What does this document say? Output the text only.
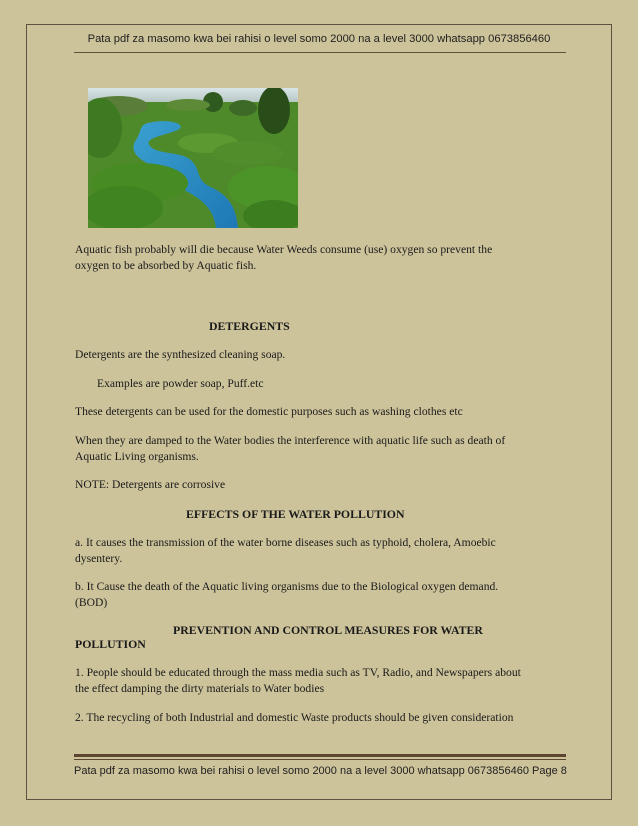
Pata pdf za masomo kwa bei rahisi o level somo 2000 na a level 3000 whatsapp 0673856460
Aquatic fish probably will die because Water Weeds consume (use) oxygen so prevent the
oxygen to be absorbed by Aquatic fish.
DETERGENTS
Detergents are the synthesized cleaning soap.
Examples are powder soap, Puff.etc
These detergents can be used for the domestic purposes such as washing clothes etc
When they are damped to the Water bodies the interference with aquatic life such as death of
Aquatic Living organisms.
NOTE: Detergents are corrosive
EFFECTS OF THE WATER POLLUTION
a. It causes the transmission of the water borne diseases such as typhoid, cholera, Amoebic
dysentery.
b. It Cause the death of the Aquatic living organisms due to the Biological oxygen demand.
(BOD)
PREVENTION AND CONTROL MEASURES FOR WATER
POLLUTION
1. People should be educated through the mass media such as TV, Radio, and Newspapers about
the effect damping the dirty materials to Water bodies
2. The recycling of both Industrial and domestic Waste products should be given consideration
Pata pdf za masomo kwa bei rahisi o level somo 2000 na a level 3000 whatsapp 0673856460 Page 8
